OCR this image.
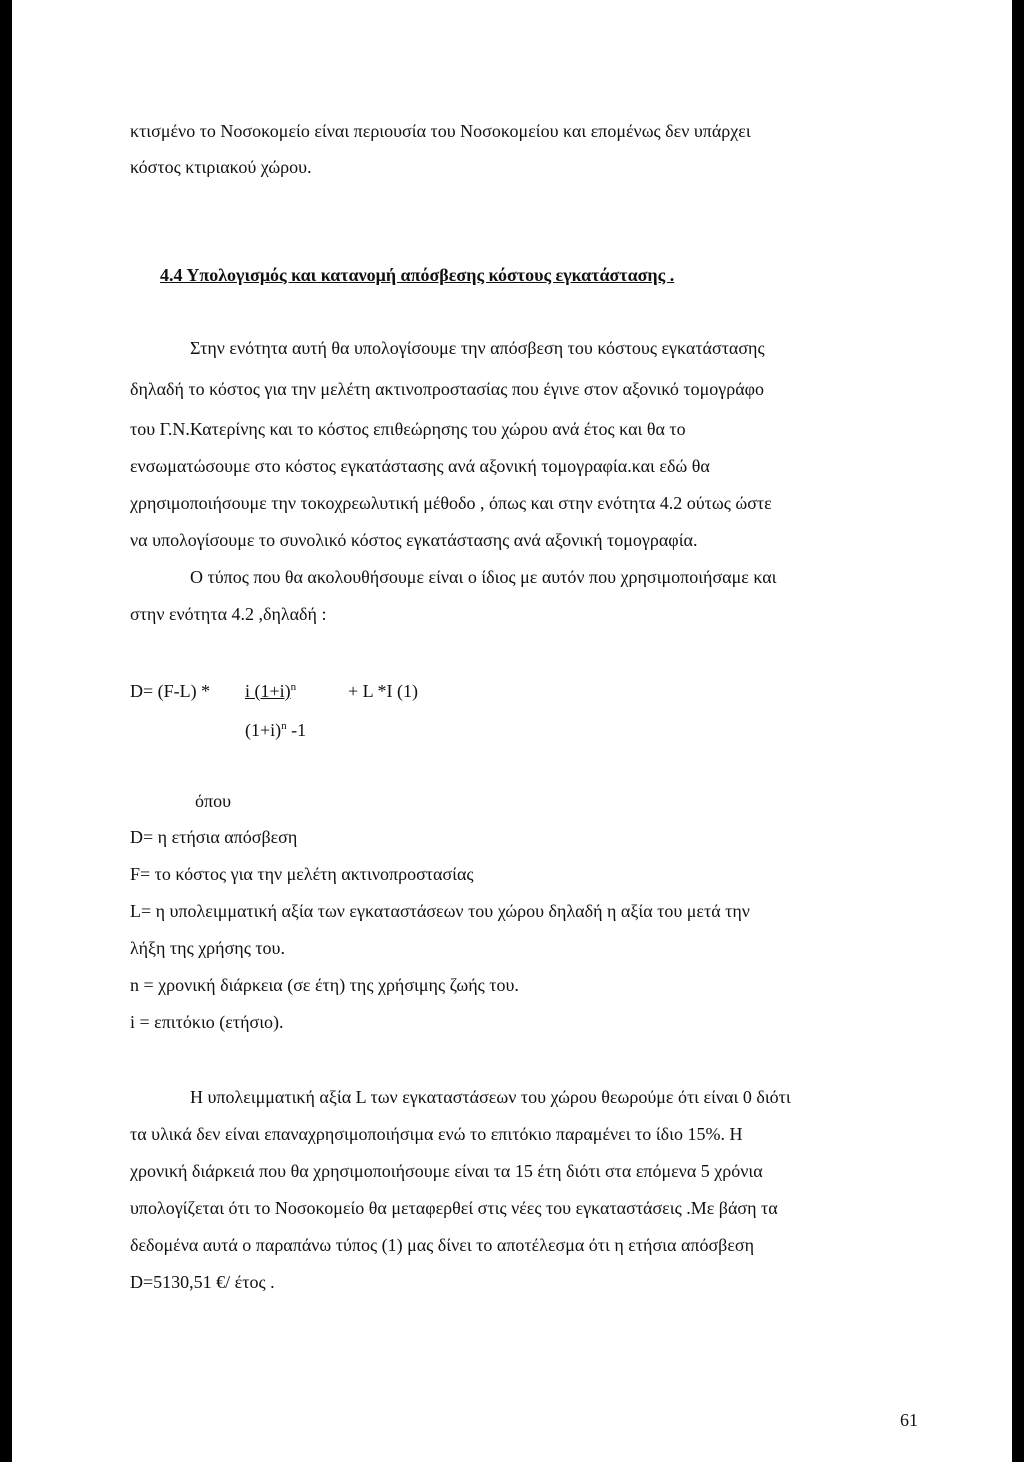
κτισμένο το Νοσοκομείο είναι περιουσία του Νοσοκομείου και επομένως δεν υπάρχει
κόστος κτιριακού χώρου.
4.4 Υπολογισμός και κατανομή απόσβεσης κόστους εγκατάστασης .
Στην ενότητα αυτή θα υπολογίσουμε την απόσβεση του κόστους εγκατάστασης
δηλαδή το κόστος για την μελέτη ακτινοπροστασίας που έγινε στον αξονικό τομογράφο
του Γ.Ν.Κατερίνης και το κόστος επιθεώρησης του χώρου ανά έτος και θα το
ενσωματώσουμε στο κόστος εγκατάστασης ανά αξονική τομογραφία.και εδώ θα
χρησιμοποιήσουμε την τοκοχρεωλυτική μέθοδο , όπως και στην ενότητα 4.2 ούτως ώστε
να υπολογίσουμε το συνολικό κόστος εγκατάστασης ανά αξονική τομογραφία.
Ο τύπος που θα ακολουθήσουμε είναι ο ίδιος με αυτόν που χρησιμοποιήσαμε και
στην ενότητα 4.2 ,δηλαδή :
D= (F-L) * i $(1+i)^n$	+ L *I (1)
$(1+i)^n$ -1
όπου
D= η ετήσια απόσβεση
F= το κόστος για την μελέτη ακτινοπροστασίας
L= η υπολειμματική αξία των εγκαταστάσεων του χώρου δηλαδή η αξία του μετά την
λήξη της χρήσης του.
n = χρονική διάρκεια (σε έτη) της χρήσιμης ζωής του.
i = επιτόκιο (ετήσιο).
Η υπολειμματική αξία L των εγκαταστάσεων του χώρου θεωρούμε ότι είναι 0 διότι
τα υλικά δεν είναι επαναχρησιμοποιήσιμα ενώ το επιτόκιο παραμένει το ίδιο 15%. Η
χρονική διάρκειά που θα χρησιμοποιήσουμε είναι τα 15 έτη διότι στα επόμενα 5 χρόνια
υπολογίζεται ότι το Νοσοκομείο θα μεταφερθεί στις νέες του εγκαταστάσεις .Με βάση τα
δεδομένα αυτά ο παραπάνω τύπος (1) μας δίνει το αποτέλεσμα ότι η ετήσια απόσβεση
D=5130,51 €/ έτος .
61
